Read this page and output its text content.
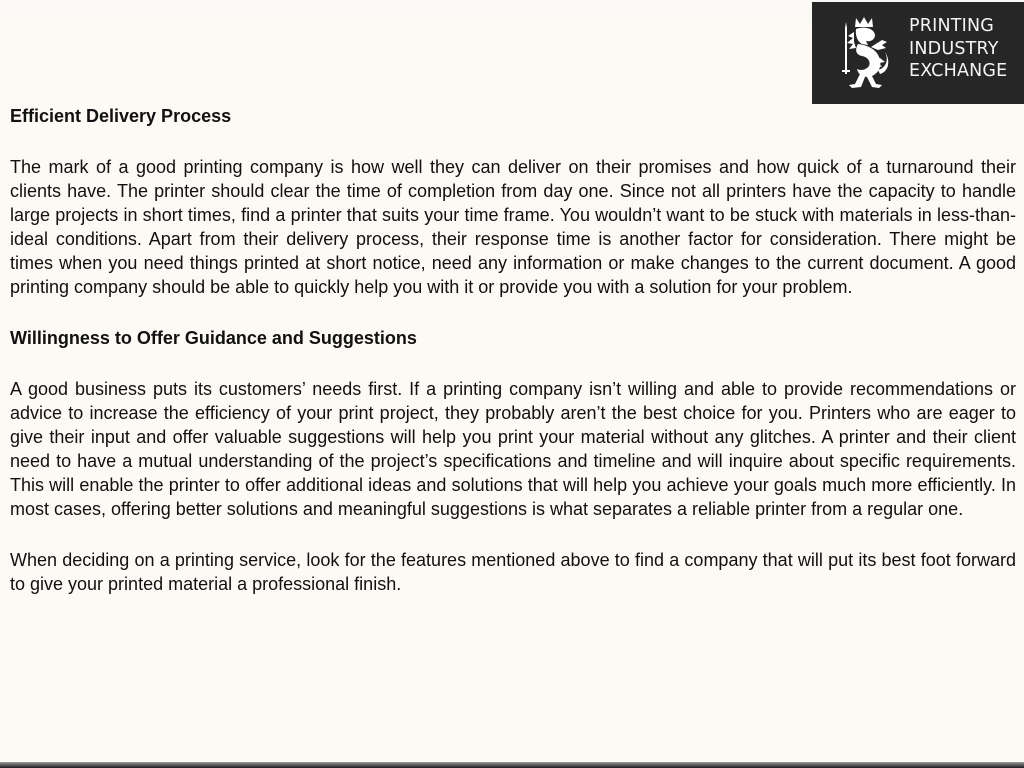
PRINTING
INDUSTRY
EXCHANGE
Efficient Delivery Process

The mark of a good printing company is how well they can deliver on their promises and how quick of a turnaround their clients have. The printer should clear the time of completion from day one. Since not all printers have the capacity to handle large projects in short times, find a printer that suits your time frame. You wouldn’t want to be stuck with materials in less-than-ideal conditions. Apart from their delivery process, their response time is another factor for consideration. There might be times when you need things printed at short notice, need any information or make changes to the current document. A good printing company should be able to quickly help you with it or provide you with a solution for your problem.

Willingness to Offer Guidance and Suggestions

A good business puts its customers’ needs first. If a printing company isn’t willing and able to provide recommendations or advice to increase the efficiency of your print project, they probably aren’t the best choice for you. Printers who are eager to give their input and offer valuable suggestions will help you print your material without any glitches. A printer and their client need to have a mutual understanding of the project’s specifications and timeline and will inquire about specific requirements. This will enable the printer to offer additional ideas and solutions that will help you achieve your goals much more efficiently. In most cases, offering better solutions and meaningful suggestions is what separates a reliable printer from a regular one.

When deciding on a printing service, look for the features mentioned above to find a company that will put its best foot forward to give your printed material a professional finish.
